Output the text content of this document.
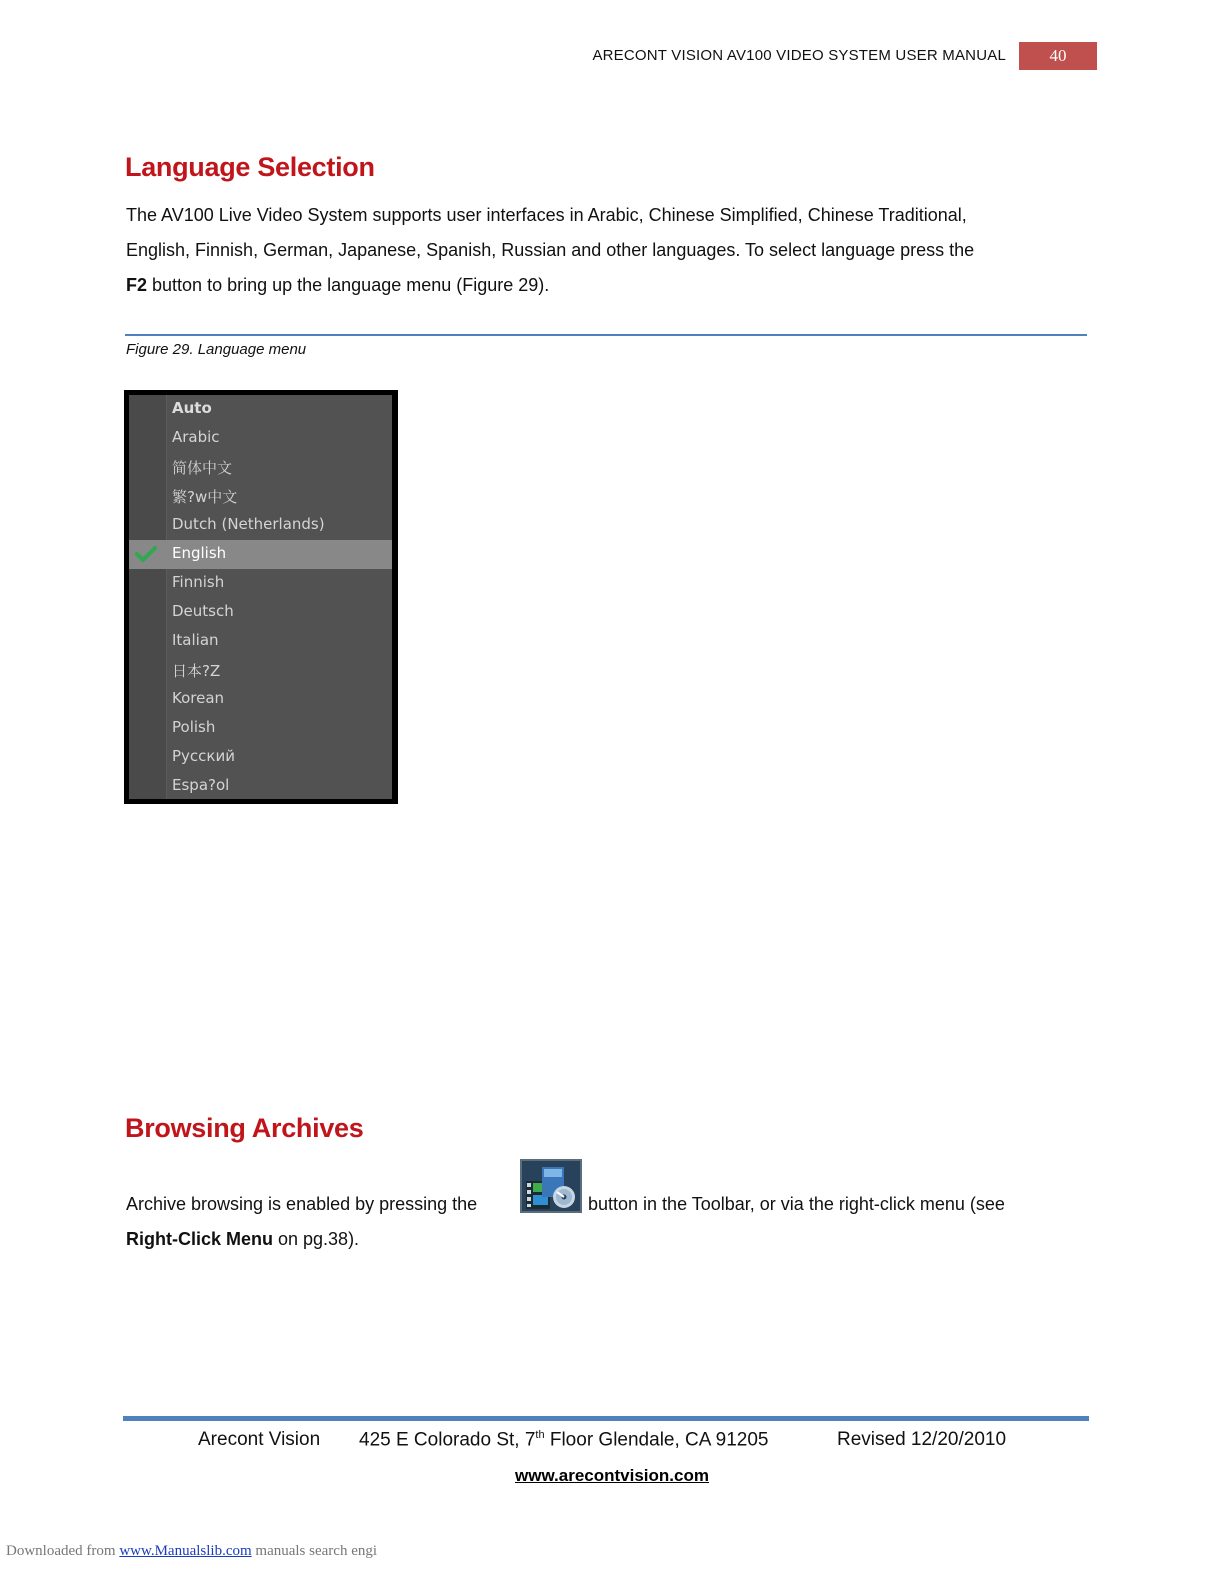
ARECONT VISION AV100 VIDEO SYSTEM USER MANUAL	40
Language Selection
The AV100 Live Video System supports user interfaces in Arabic, Chinese Simplified, Chinese Traditional,
English, Finnish, German, Japanese, Spanish, Russian and other languages. To select language press the
F2 button to bring up the language menu (Figure 29).
Figure 29. Language menu
Auto
Arabic
简体中文
繁?w中文
Dutch (Netherlands)
English
Finnish
Deutsch
Italian
日本?Z
Korean
Polish
Русский
Espa?ol
Browsing Archives
Archive browsing is enabled by pressing the	button in the Toolbar, or via the right-click menu (see
Right-Click Menu on pg.38).
Arecont Vision 425 E Colorado St, 7th Floor Glendale, CA 91205	Revised 12/20/2010
www.arecontvision.com
Downloaded from www.Manualslib.com manuals search engi
